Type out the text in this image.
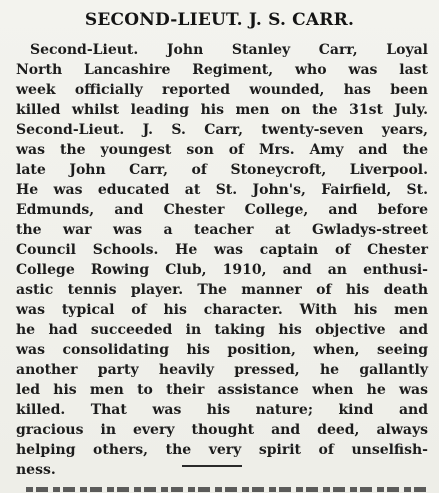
SECOND-LIEUT. J. S. CARR.
Second-Lieut. John Stanley Carr, Loyal
North Lancashire Regiment, who was last
week officially reported wounded, has been
killed whilst leading his men on the 31st July.
Second-Lieut. J. S. Carr, twenty-seven years,
was the youngest son of Mrs. Amy and the
late John Carr, of Stoneycroft, Liverpool.
He was educated at St. John's, Fairfield, St.
Edmunds, and Chester College, and before
the war was a teacher at Gwladys-street
Council Schools. He was captain of Chester
College Rowing Club, 1910, and an enthusi-
astic tennis player. The manner of his death
was typical of his character. With his men
he had succeeded in taking his objective and
was consolidating his position, when, seeing
another party heavily pressed, he gallantly
led his men to their assistance when he was
killed. That was his nature; kind and
gracious in every thought and deed, always
helping others, the very spirit of unselfish-
ness.
